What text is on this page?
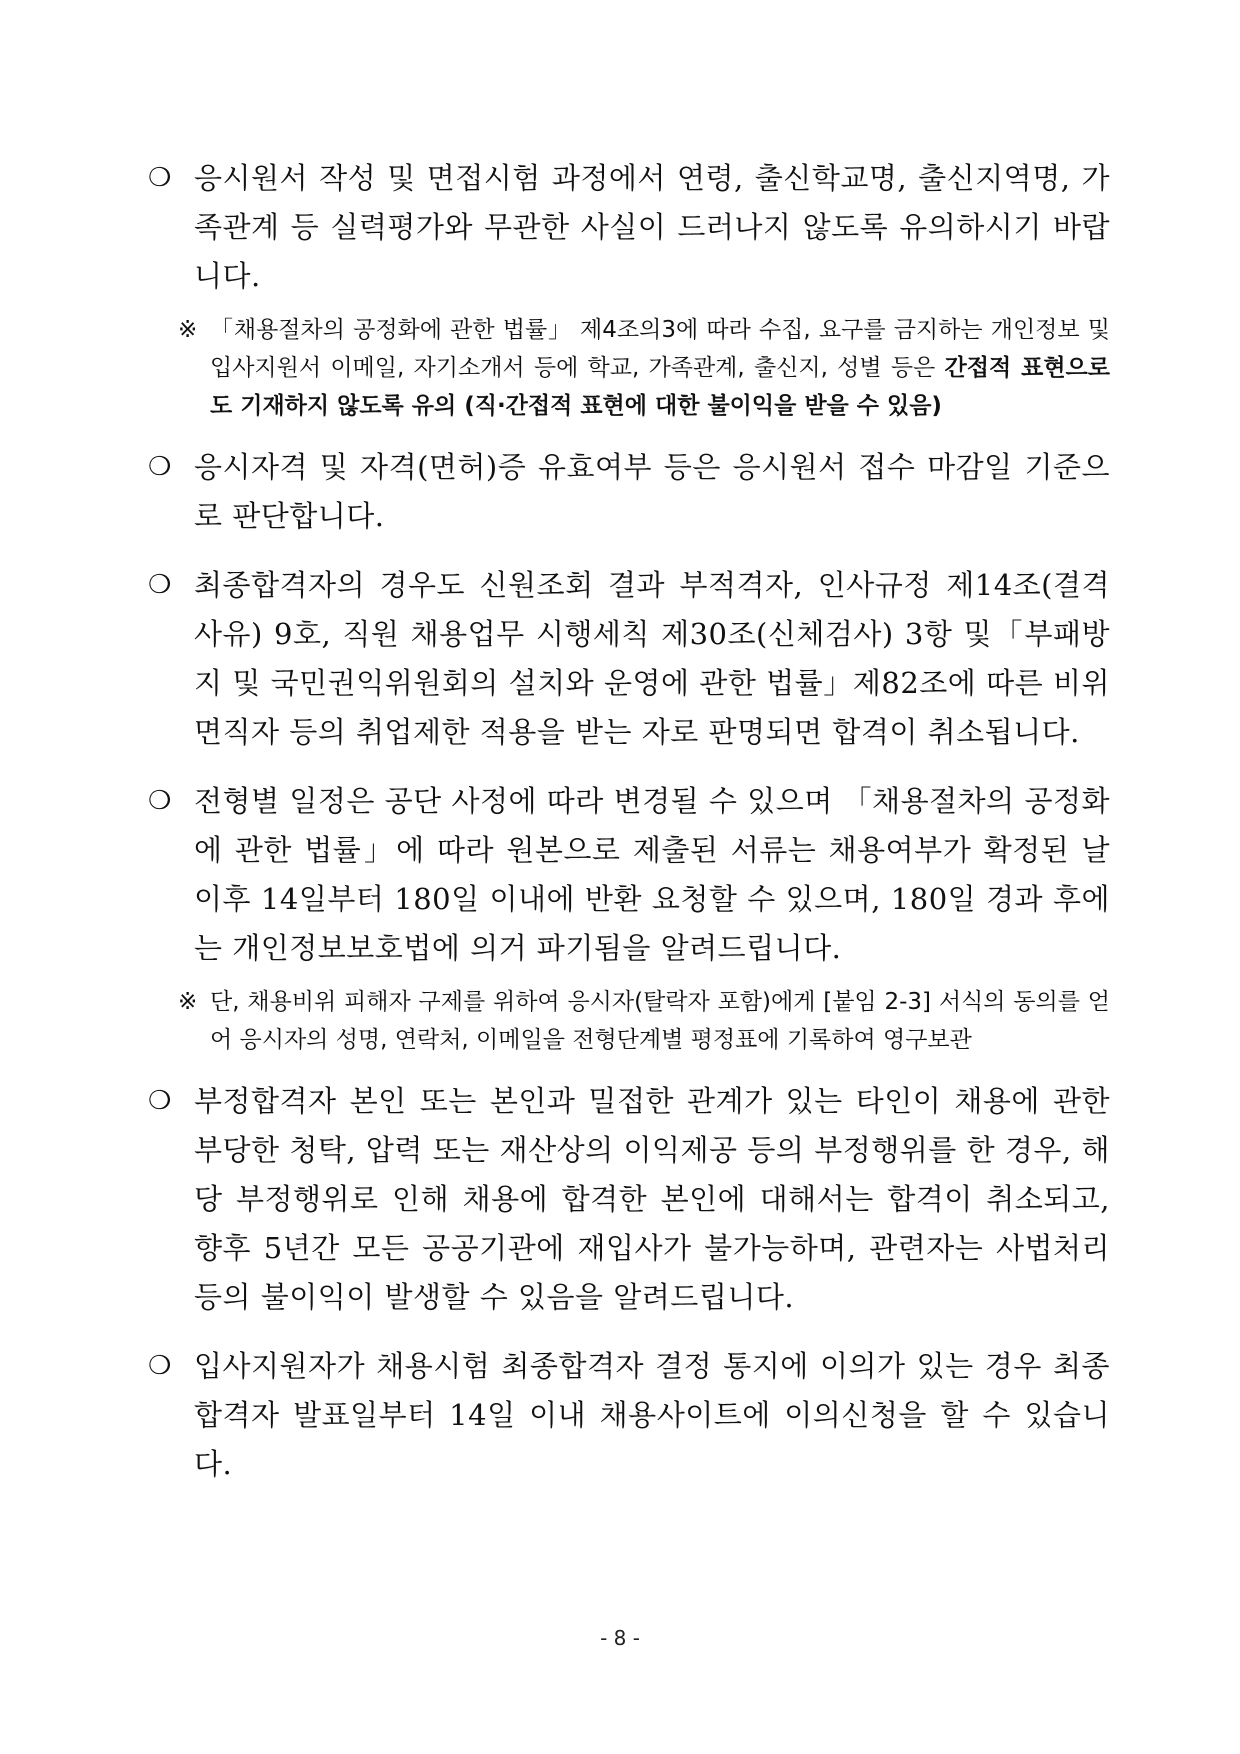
❍ 응시원서 작성 및 면접시험 과정에서 연령, 출신학교명, 출신지역명, 가족관계 등 실력평가와 무관한 사실이 드러나지 않도록 유의하시기 바랍니다.
※ 「채용절차의 공정화에 관한 법률」 제4조의3에 따라 수집, 요구를 금지하는 개인정보 및 입사지원서 이메일, 자기소개서 등에 학교, 가족관계, 출신지, 성별 등은 간접적 표현으로도 기재하지 않도록 유의 (직·간접적 표현에 대한 불이익을 받을 수 있음)
❍ 응시자격 및 자격(면허)증 유효여부 등은 응시원서 접수 마감일 기준으로 판단합니다.
❍ 최종합격자의 경우도 신원조회 결과 부적격자, 인사규정 제14조(결격사유) 9호, 직원 채용업무 시행세칙 제30조(신체검사) 3항 및「부패방지 및 국민권익위원회의 설치와 운영에 관한 법률」제82조에 따른 비위면직자 등의 취업제한 적용을 받는 자로 판명되면 합격이 취소됩니다.
❍ 전형별 일정은 공단 사정에 따라 변경될 수 있으며 「채용절차의 공정화에 관한 법률」에 따라 원본으로 제출된 서류는 채용여부가 확정된 날 이후 14일부터 180일 이내에 반환 요청할 수 있으며, 180일 경과 후에는 개인정보보호법에 의거 파기됨을 알려드립니다.
※ 단, 채용비위 피해자 구제를 위하여 응시자(탈락자 포함)에게 [붙임 2-3] 서식의 동의를 얻어 응시자의 성명, 연락처, 이메일을 전형단계별 평정표에 기록하여 영구보관
❍ 부정합격자 본인 또는 본인과 밀접한 관계가 있는 타인이 채용에 관한 부당한 청탁, 압력 또는 재산상의 이익제공 등의 부정행위를 한 경우, 해당 부정행위로 인해 채용에 합격한 본인에 대해서는 합격이 취소되고, 향후 5년간 모든 공공기관에 재입사가 불가능하며, 관련자는 사법처리 등의 불이익이 발생할 수 있음을 알려드립니다.
❍ 입사지원자가 채용시험 최종합격자 결정 통지에 이의가 있는 경우 최종합격자 발표일부터 14일 이내 채용사이트에 이의신청을 할 수 있습니다.
- 8 -
